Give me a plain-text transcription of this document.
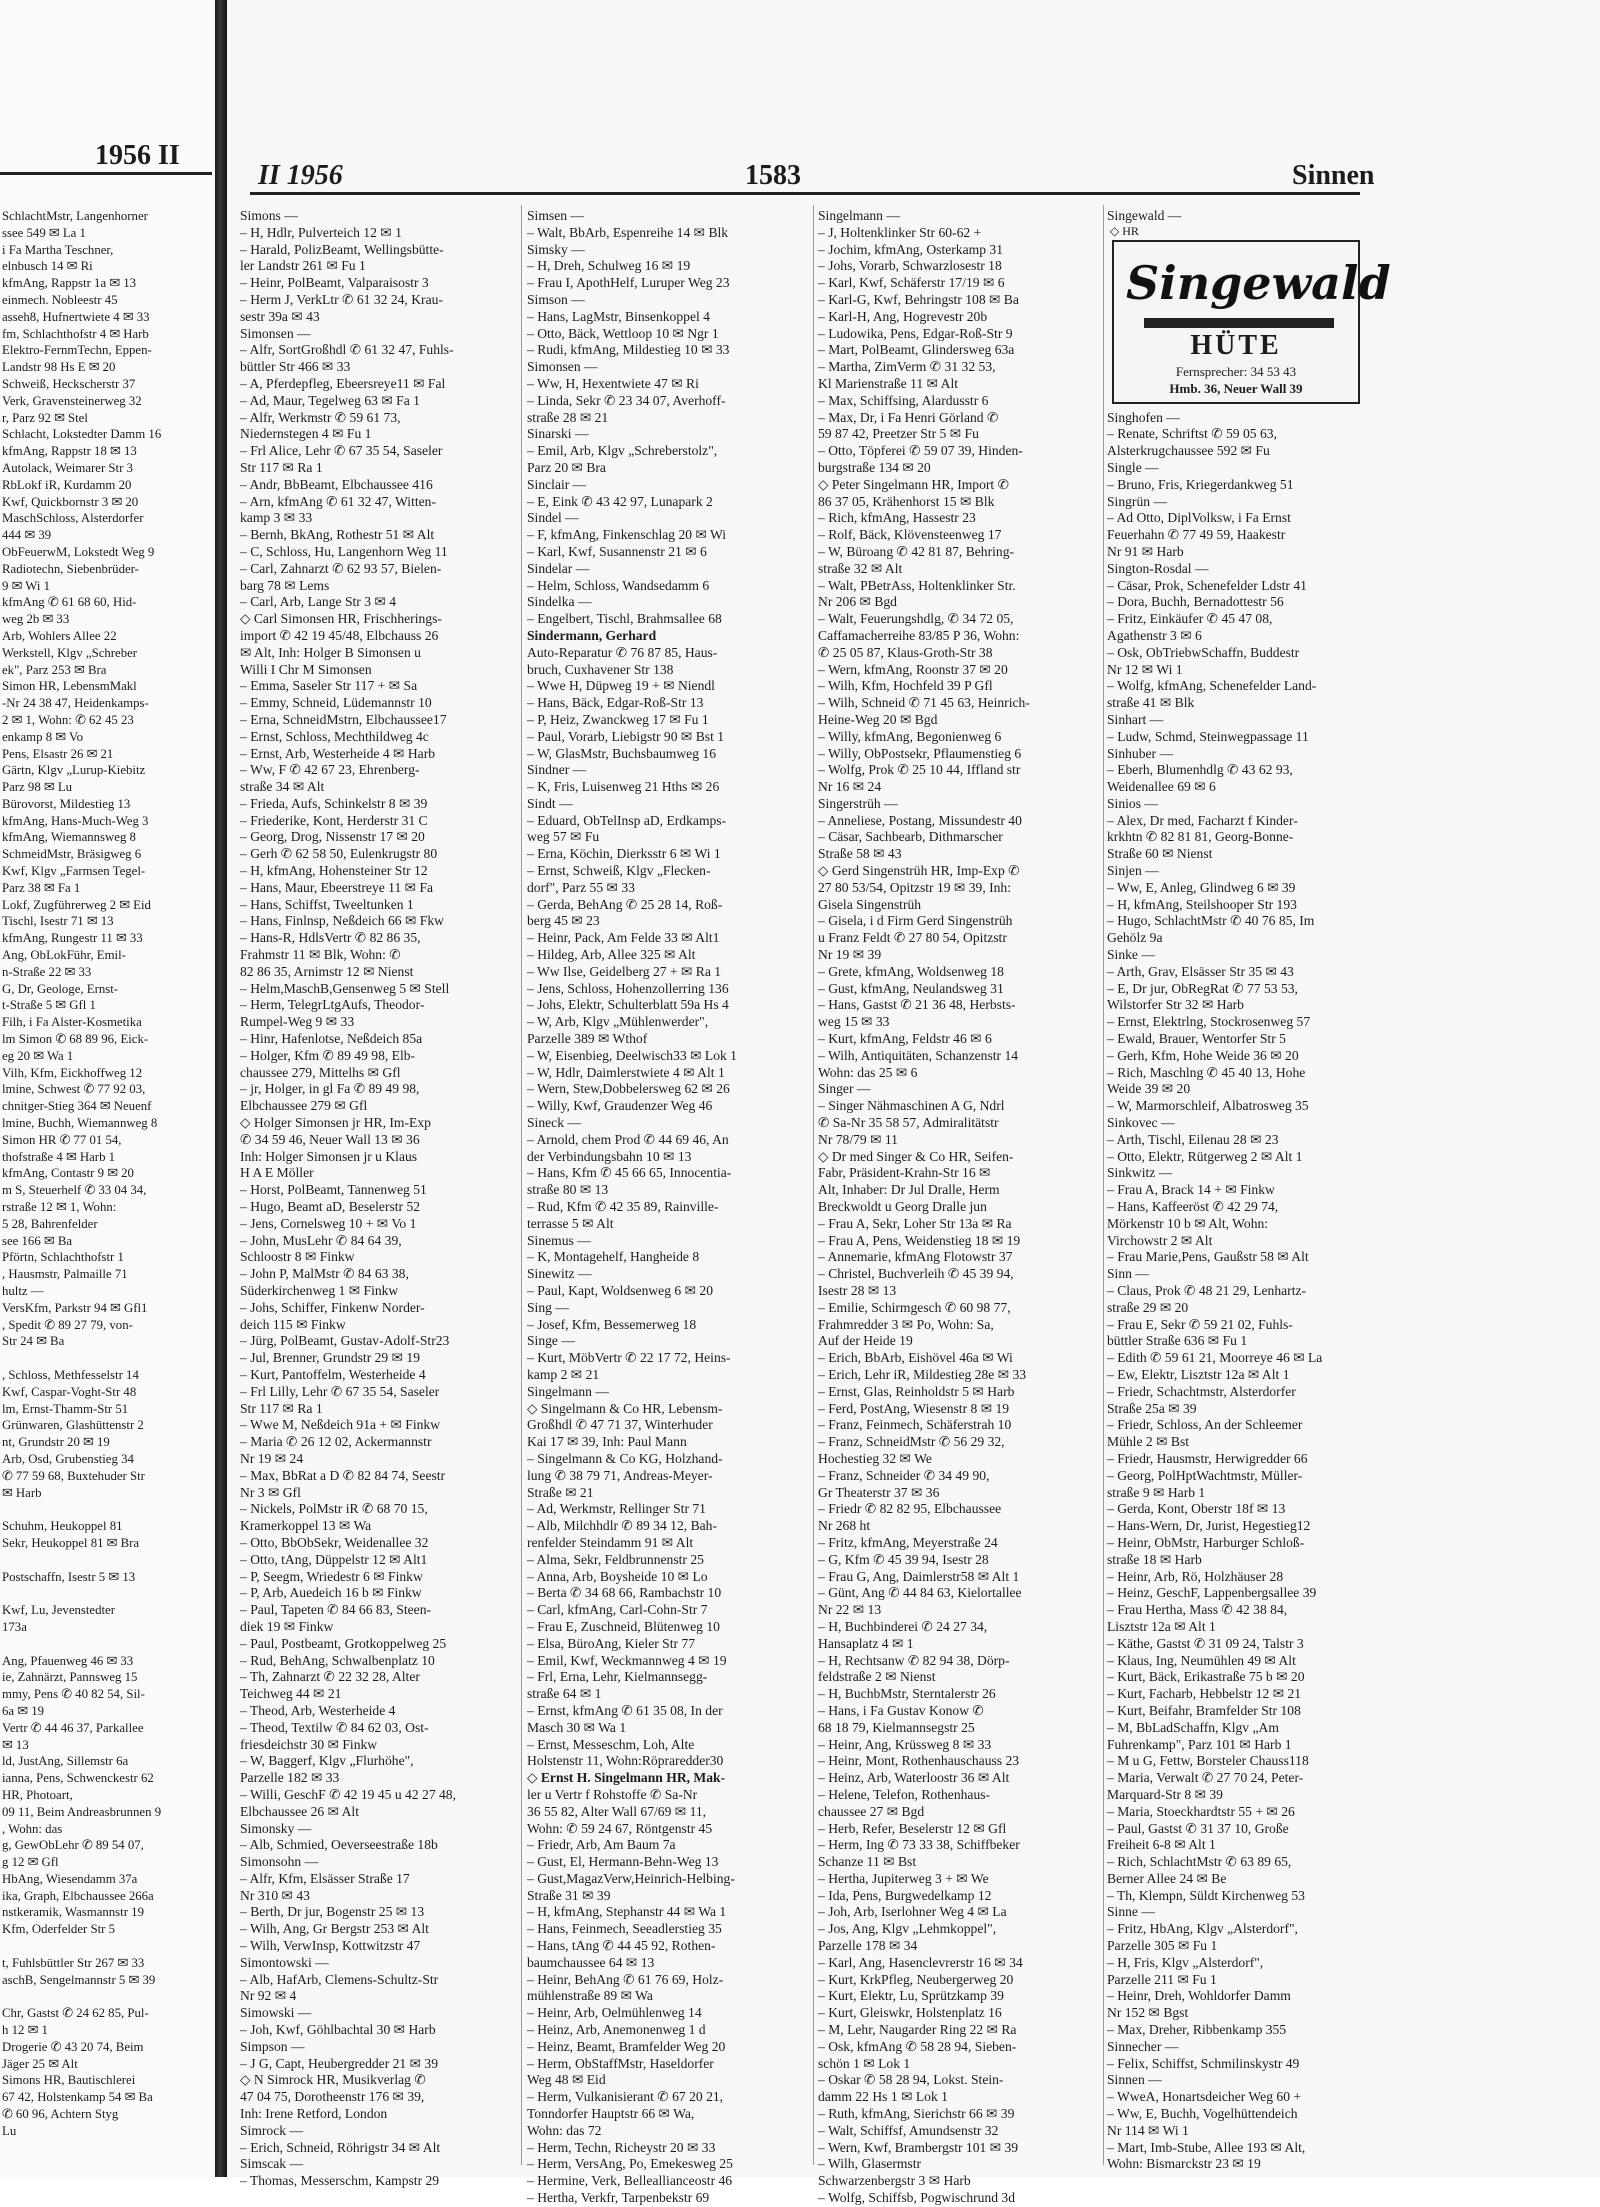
1956 II
SchlachtMstr, Langenhorner
ssee 549 ✉ La 1
i Fa Martha Teschner,
elnbusch 14 ✉ Ri
kfmAng, Rappstr 1a ✉ 13
einmech. Nobleestr 45
asseh8, Hufnertwiete 4 ✉ 33
fm, Schlachthofstr 4 ✉ Harb
Elektro-FernmTechn, Eppen-
Landstr 98 Hs E ✉ 20
Schweiß, Heckscherstr 37
Verk, Gravensteinerweg 32
r, Parz 92 ✉ Stel
Schlacht, Lokstedter Damm 16
kfmAng, Rappstr 18 ✉ 13
Autolack, Weimarer Str 3
RbLokf iR, Kurdamm 20
Kwf, Quickbornstr 3 ✉ 20
MaschSchloss, Alsterdorfer
444 ✉ 39
ObFeuerwM, Lokstedt Weg 9
Radiotechn, Siebenbrüder-
9 ✉ Wi 1
kfmAng ✆ 61 68 60, Hid-
weg 2b ✉ 33
Arb, Wohlers Allee 22
Werkstell, Klgv „Schreber
ek", Parz 253 ✉ Bra
Simon HR, LebensmMakl
-Nr 24 38 47, Heidenkamps-
2 ✉ 1, Wohn: ✆ 62 45 23
enkamp 8 ✉ Vo
Pens, Elsastr 26 ✉ 21
Gärtn, Klgv „Lurup-Kiebitz
Parz 98 ✉ Lu
Bürovorst, Mildestieg 13
kfmAng, Hans-Much-Weg 3
kfmAng, Wiemannsweg 8
SchmeidMstr, Bräsigweg 6
Kwf, Klgv „Farmsen Tegel-
Parz 38 ✉ Fa 1
Lokf, Zugführerweg 2 ✉ Eid
Tischl, Isestr 71 ✉ 13
kfmAng, Rungestr 11 ✉ 33
Ang, ObLokFühr, Emil-
n-Straße 22 ✉ 33
G, Dr, Geologe, Ernst-
t-Straße 5 ✉ Gfl 1
Filh, i Fa Alster-Kosmetika
lm Simon ✆ 68 89 96, Eick-
eg 20 ✉ Wa 1
Vilh, Kfm, Eickhoffweg 12
lmine, Schwest ✆ 77 92 03,
chnitger-Stieg 364 ✉ Neuenf
lmine, Buchh, Wiemannweg 8
Simon HR ✆ 77 01 54,
thofstraße 4 ✉ Harb 1
kfmAng, Contastr 9 ✉ 20
m S, Steuerhelf ✆ 33 04 34,
rstraße 12 ✉ 1, Wohn:
5 28, Bahrenfelder
see 166 ✉ Ba
Pförtn, Schlachthofstr 1
, Hausmstr, Palmaille 71
hultz —
VersKfm, Parkstr 94 ✉ Gfl1
, Spedit ✆ 89 27 79, von-
Str 24 ✉ Ba

, Schloss, Methfesselstr 14
Kwf, Caspar-Voght-Str 48
lm, Ernst-Thamm-Str 51
Grünwaren, Glashüttenstr 2
nt, Grundstr 20 ✉ 19
Arb, Osd, Grubenstieg 34
✆ 77 59 68, Buxtehuder Str
✉ Harb

Schuhm, Heukoppel 81
Sekr, Heukoppel 81 ✉ Bra

Postschaffn, Isestr 5 ✉ 13

Kwf, Lu, Jevenstedter
173a

Ang, Pfauenweg 46 ✉ 33
ie, Zahnärzt, Pannsweg 15
mmy, Pens ✆ 40 82 54, Sil-
6a ✉ 19
Vertr ✆ 44 46 37, Parkallee
✉ 13
ld, JustAng, Sillemstr 6a
ianna, Pens, Schwenckestr 62
HR, Photoart,
09 11, Beim Andreasbrunnen 9
, Wohn: das
g, GewObLehr ✆ 89 54 07,
g 12 ✉ Gfl
HbAng, Wiesendamm 37a
ika, Graph, Elbchaussee 266a
nstkeramik, Wasmannstr 19
Kfm, Oderfelder Str 5

t, Fuhlsbüttler Str 267 ✉ 33
aschB, Sengelmannstr 5 ✉ 39

Chr, Gastst ✆ 24 62 85, Pul-
h 12 ✉ 1
Drogerie ✆ 43 20 74, Beim
Jäger 25 ✉ Alt
Simons HR, Bautischlerei
67 42, Holstenkamp 54 ✉ Ba
✆ 60 96, Achtern Styg
Lu
II 1956	1583	Sinnen
Simons —
– H, Hdlr, Pulverteich 12 ✉ 1
– Harald, PolizBeamt, Wellingsbütte-
ler Landstr 261 ✉ Fu 1
– Heinr, PolBeamt, Valparaisostr 3
– Herm J, VerkLtr ✆ 61 32 24, Krau-
sestr 39a ✉ 43
Simonsen —
– Alfr, SortGroßhdl ✆ 61 32 47, Fuhls-
büttler Str 466 ✉ 33
– A, Pferdepfleg, Ebeersreye11 ✉ Fal
– Ad, Maur, Tegelweg 63 ✉ Fa 1
– Alfr, Werkmstr ✆ 59 61 73,
Niedernstegen 4 ✉ Fu 1
– Frl Alice, Lehr ✆ 67 35 54, Saseler
Str 117 ✉ Ra 1
– Andr, BbBeamt, Elbchaussee 416
– Arn, kfmAng ✆ 61 32 47, Witten-
kamp 3 ✉ 33
– Bernh, BkAng, Rothestr 51 ✉ Alt
– C, Schloss, Hu, Langenhorn Weg 11
– Carl, Zahnarzt ✆ 62 93 57, Bielen-
barg 78 ✉ Lems
– Carl, Arb, Lange Str 3 ✉ 4
◇ Carl Simonsen HR, Frischherings-
import ✆ 42 19 45/48, Elbchauss 26
✉ Alt, Inh: Holger B Simonsen u
Willi I Chr M Simonsen
– Emma, Saseler Str 117 + ✉ Sa
– Emmy, Schneid, Lüdemannstr 10
– Erna, SchneidMstrn, Elbchaussee17
– Ernst, Schloss, Mechthildweg 4c
– Ernst, Arb, Westerheide 4 ✉ Harb
– Ww, F ✆ 42 67 23, Ehrenberg-
straße 34 ✉ Alt
– Frieda, Aufs, Schinkelstr 8 ✉ 39
– Friederike, Kont, Herderstr 31 C
– Georg, Drog, Nissenstr 17 ✉ 20
– Gerh ✆ 62 58 50, Eulenkrugstr 80
– H, kfmAng, Hohensteiner Str 12
– Hans, Maur, Ebeerstreye 11 ✉ Fa
– Hans, Schiffst, Tweeltunken 1
– Hans, Finlnsp, Neßdeich 66 ✉ Fkw
– Hans-R, HdlsVertr ✆ 82 86 35,
Frahmstr 11 ✉ Blk, Wohn: ✆
82 86 35, Arnimstr 12 ✉ Nienst
– Helm,MaschB,Gensenweg 5 ✉ Stell
– Herm, TelegrLtgAufs, Theodor-
Rumpel-Weg 9 ✉ 33
– Hinr, Hafenlotse, Neßdeich 85a
– Holger, Kfm ✆ 89 49 98, Elb-
chaussee 279, Mittelhs ✉ Gfl
– jr, Holger, in gl Fa ✆ 89 49 98,
Elbchaussee 279 ✉ Gfl
◇ Holger Simonsen jr HR, Im-Exp
✆ 34 59 46, Neuer Wall 13 ✉ 36
Inh: Holger Simonsen jr u Klaus
H A E Möller
– Horst, PolBeamt, Tannenweg 51
– Hugo, Beamt aD, Beselerstr 52
– Jens, Cornelsweg 10 + ✉ Vo 1
– John, MusLehr ✆ 84 64 39,
Schloostr 8 ✉ Finkw
– John P, MalMstr ✆ 84 63 38,
Süderkirchenweg 1 ✉ Finkw
– Johs, Schiffer, Finkenw Norder-
deich 115 ✉ Finkw
– Jürg, PolBeamt, Gustav-Adolf-Str23
– Jul, Brenner, Grundstr 29 ✉ 19
– Kurt, Pantoffelm, Westerheide 4
– Frl Lilly, Lehr ✆ 67 35 54, Saseler
Str 117 ✉ Ra 1
– Wwe M, Neßdeich 91a + ✉ Finkw
– Maria ✆ 26 12 02, Ackermannstr
Nr 19 ✉ 24
– Max, BbRat a D ✆ 82 84 74, Seestr
Nr 3 ✉ Gfl
– Nickels, PolMstr iR ✆ 68 70 15,
Kramerkoppel 13 ✉ Wa
– Otto, BbObSekr, Weidenallee 32
– Otto, tAng, Düppelstr 12 ✉ Alt1
– P, Seegm, Wriedestr 6 ✉ Finkw
– P, Arb, Auedeich 16 b ✉ Finkw
– Paul, Tapeten ✆ 84 66 83, Steen-
diek 19 ✉ Finkw
– Paul, Postbeamt, Grotkoppelweg 25
– Rud, BehAng, Schwalbenplatz 10
– Th, Zahnarzt ✆ 22 32 28, Alter
Teichweg 44 ✉ 21
– Theod, Arb, Westerheide 4
– Theod, Textilw ✆ 84 62 03, Ost-
friesdeichstr 30 ✉ Finkw
– W, Baggerf, Klgv „Flurhöhe",
Parzelle 182 ✉ 33
– Willi, GeschF ✆ 42 19 45 u 42 27 48,
Elbchaussee 26 ✉ Alt
Simonsky —
– Alb, Schmied, Oeverseestraße 18b
Simonsohn —
– Alfr, Kfm, Elsässer Straße 17
Nr 310 ✉ 43
– Berth, Dr jur, Bogenstr 25 ✉ 13
– Wilh, Ang, Gr Bergstr 253 ✉ Alt
– Wilh, VerwInsp, Kottwitzstr 47
Simontowski —
– Alb, HafArb, Clemens-Schultz-Str
Nr 92 ✉ 4
Simowski —
– Joh, Kwf, Göhlbachtal 30 ✉ Harb
Simpson —
– J G, Capt, Heubergredder 21 ✉ 39
◇ N Simrock HR, Musikverlag ✆
47 04 75, Dorotheenstr 176 ✉ 39,
Inh: Irene Retford, London
Simrock —
– Erich, Schneid, Röhrigstr 34 ✉ Alt
Simscak —
– Thomas, Messerschm, Kampstr 29
Simsen —
– Walt, BbArb, Espenreihe 14 ✉ Blk
Simsky —
– H, Dreh, Schulweg 16 ✉ 19
– Frau I, ApothHelf, Luruper Weg 23
Simson —
– Hans, LagMstr, Binsenkoppel 4
– Otto, Bäck, Wettloop 10 ✉ Ngr 1
– Rudi, kfmAng, Mildestieg 10 ✉ 33
Simonsen —
– Ww, H, Hexentwiete 47 ✉ Ri
– Linda, Sekr ✆ 23 34 07, Averhoff-
straße 28 ✉ 21
Sinarski —
– Emil, Arb, Klgv „Schreberstolz",
Parz 20 ✉ Bra
Sinclair —
– E, Eink ✆ 43 42 97, Lunapark 2
Sindel —
– F, kfmAng, Finkenschlag 20 ✉ Wi
– Karl, Kwf, Susannenstr 21 ✉ 6
Sindelar —
– Helm, Schloss, Wandsedamm 6
Sindelka —
– Engelbert, Tischl, Brahmsallee 68
Sindermann, Gerhard
Auto-Reparatur ✆ 76 87 85, Haus-
bruch, Cuxhavener Str 138
– Wwe H, Düpweg 19 + ✉ Niendl
– Hans, Bäck, Edgar-Roß-Str 13
– P, Heiz, Zwanckweg 17 ✉ Fu 1
– Paul, Vorarb, Liebigstr 90 ✉ Bst 1
– W, GlasMstr, Buchsbaumweg 16
Sindner —
– K, Fris, Luisenweg 21 Hths ✉ 26
Sindt —
– Eduard, ObTelInsp aD, Erdkamps-
weg 57 ✉ Fu
– Erna, Köchin, Dierksstr 6 ✉ Wi 1
– Ernst, Schweiß, Klgv „Flecken-
dorf", Parz 55 ✉ 33
– Gerda, BehAng ✆ 25 28 14, Roß-
berg 45 ✉ 23
– Heinr, Pack, Am Felde 33 ✉ Alt1
– Hildeg, Arb, Allee 325 ✉ Alt
– Ww Ilse, Geidelberg 27 + ✉ Ra 1
– Jens, Schloss, Hohenzollerring 136
– Johs, Elektr, Schulterblatt 59a Hs 4
– W, Arb, Klgv „Mühlenwerder",
Parzelle 389 ✉ Wthof
– W, Eisenbieg, Deelwisch33 ✉ Lok 1
– W, Hdlr, Daimlerstwiete 4 ✉ Alt 1
– Wern, Stew,Dobbelersweg 62 ✉ 26
– Willy, Kwf, Graudenzer Weg 46
Sineck —
– Arnold, chem Prod ✆ 44 69 46, An
der Verbindungsbahn 10 ✉ 13
– Hans, Kfm ✆ 45 66 65, Innocentia-
straße 80 ✉ 13
– Rud, Kfm ✆ 42 35 89, Rainville-
terrasse 5 ✉ Alt
Sinemus —
– K, Montagehelf, Hangheide 8
Sinewitz —
– Paul, Kapt, Woldsenweg 6 ✉ 20
Sing —
– Josef, Kfm, Bessemerweg 18
Singe —
– Kurt, MöbVertr ✆ 22 17 72, Heins-
kamp 2 ✉ 21
Singelmann —
◇ Singelmann & Co HR, Lebensm-
Großhdl ✆ 47 71 37, Winterhuder
Kai 17 ✉ 39, Inh: Paul Mann
– Singelmann & Co KG, Holzhand-
lung ✆ 38 79 71, Andreas-Meyer-
Straße ✉ 21
– Ad, Werkmstr, Rellinger Str 71
– Alb, Milchhdlr ✆ 89 34 12, Bah-
renfelder Steindamm 91 ✉ Alt
– Alma, Sekr, Feldbrunnenstr 25
– Anna, Arb, Boysheide 10 ✉ Lo
– Berta ✆ 34 68 66, Rambachstr 10
– Carl, kfmAng, Carl-Cohn-Str 7
– Frau E, Zuschneid, Blütenweg 10
– Elsa, BüroAng, Kieler Str 77
– Emil, Kwf, Weckmannweg 4 ✉ 19
– Frl, Erna, Lehr, Kielmannsegg-
straße 64 ✉ 1
– Ernst, kfmAng ✆ 61 35 08, In der
Masch 30 ✉ Wa 1
– Ernst, Messeschm, Loh, Alte
Holstenstr 11, Wohn:Röpraredder30
◇ Ernst H. Singelmann HR, Mak-
ler u Vertr f Rohstoffe ✆ Sa-Nr
36 55 82, Alter Wall 67/69 ✉ 11,
Wohn: ✆ 59 24 67, Röntgenstr 45
– Friedr, Arb, Am Baum 7a
– Gust, El, Hermann-Behn-Weg 13
– Gust,MagazVerw,Heinrich-Helbing-
Straße 31 ✉ 39
– H, kfmAng, Stephanstr 44 ✉ Wa 1
– Hans, Feinmech, Seeadlerstieg 35
– Hans, tAng ✆ 44 45 92, Rothen-
baumchaussee 64 ✉ 13
– Heinr, BehAng ✆ 61 76 69, Holz-
mühlenstraße 89 ✉ Wa
– Heinr, Arb, Oelmühlenweg 14
– Heinz, Arb, Anemonenweg 1 d
– Heinz, Beamt, Bramfelder Weg 20
– Herm, ObStaffMstr, Haseldorfer
Weg 48 ✉ Eid
– Herm, Vulkanisierant ✆ 67 20 21,
Tonndorfer Hauptstr 66 ✉ Wa,
Wohn: das 72
– Herm, Techn, Richeystr 20 ✉ 33
– Herm, VersAng, Po, Emekesweg 25
– Hermine, Verk, Belleallianceostr 46
– Hertha, Verkfr, Tarpenbekstr 69
Singelmann —
– J, Holtenklinker Str 60-62 +
– Jochim, kfmAng, Osterkamp 31
– Johs, Vorarb, Schwarzlosestr 18
– Karl, Kwf, Schäferstr 17/19 ✉ 6
– Karl-G, Kwf, Behringstr 108 ✉ Ba
– Karl-H, Ang, Hogrevestr 20b
– Ludowika, Pens, Edgar-Roß-Str 9
– Mart, PolBeamt, Glindersweg 63a
– Martha, ZimVerm ✆ 31 32 53,
Kl Marienstraße 11 ✉ Alt
– Max, Schiffsing, Alardusstr 6
– Max, Dr, i Fa Henri Görland ✆
59 87 42, Preetzer Str 5 ✉ Fu
– Otto, Töpferei ✆ 59 07 39, Hinden-
burgstraße 134 ✉ 20
◇ Peter Singelmann HR, Import ✆
86 37 05, Krähenhorst 15 ✉ Blk
– Rich, kfmAng, Hassestr 23
– Rolf, Bäck, Klövensteenweg 17
– W, Büroang ✆ 42 81 87, Behring-
straße 32 ✉ Alt
– Walt, PBetrAss, Holtenklinker Str.
Nr 206 ✉ Bgd
– Walt, Feuerungshdlg, ✆ 34 72 05,
Caffamacherreihe 83/85 P 36, Wohn:
✆ 25 05 87, Klaus-Groth-Str 38
– Wern, kfmAng, Roonstr 37 ✉ 20
– Wilh, Kfm, Hochfeld 39 P Gfl
– Wilh, Schneid ✆ 71 45 63, Heinrich-
Heine-Weg 20 ✉ Bgd
– Willy, kfmAng, Begonienweg 6
– Willy, ObPostsekr, Pflaumenstieg 6
– Wolfg, Prok ✆ 25 10 44, Iffland str
Nr 16 ✉ 24
Singerstrüh —
– Anneliese, Postang, Missundestr 40
– Cäsar, Sachbearb, Dithmarscher
Straße 58 ✉ 43
◇ Gerd Singenstrüh HR, Imp-Exp ✆
27 80 53/54, Opitzstr 19 ✉ 39, Inh:
Gisela Singenstrüh
– Gisela, i d Firm Gerd Singenstrüh
u Franz Feldt ✆ 27 80 54, Opitzstr
Nr 19 ✉ 39
– Grete, kfmAng, Woldsenweg 18
– Gust, kfmAng, Neulandsweg 31
– Hans, Gastst ✆ 21 36 48, Herbsts-
weg 15 ✉ 33
– Kurt, kfmAng, Feldstr 46 ✉ 6
– Wilh, Antiquitäten, Schanzenstr 14
Wohn: das 25 ✉ 6
Singer —
– Singer Nähmaschinen A G, Ndrl
✆ Sa-Nr 35 58 57, Admiralitätstr
Nr 78/79 ✉ 11
◇ Dr med Singer & Co HR, Seifen-
Fabr, Präsident-Krahn-Str 16 ✉
Alt, Inhaber: Dr Jul Dralle, Herm
Breckwoldt u Georg Dralle jun
– Frau A, Sekr, Loher Str 13a ✉ Ra
– Frau A, Pens, Weidenstieg 18 ✉ 19
– Annemarie, kfmAng Flotowstr 37
– Christel, Buchverleih ✆ 45 39 94,
Isestr 28 ✉ 13
– Emilie, Schirmgesch ✆ 60 98 77,
Frahmredder 3 ✉ Po, Wohn: Sa,
Auf der Heide 19
– Erich, BbArb, Eishövel 46a ✉ Wi
– Erich, Lehr iR, Mildestieg 28e ✉ 33
– Ernst, Glas, Reinholdstr 5 ✉ Harb
– Ferd, PostAng, Wiesenstr 8 ✉ 19
– Franz, Feinmech, Schäferstrah 10
– Franz, SchneidMstr ✆ 56 29 32,
Hochestieg 32 ✉ We
– Franz, Schneider ✆ 34 49 90,
Gr Theaterstr 37 ✉ 36
– Friedr ✆ 82 82 95, Elbchaussee
Nr 268 ht
– Fritz, kfmAng, Meyerstraße 24
– G, Kfm ✆ 45 39 94, Isestr 28
– Frau G, Ang, Daimlerstr58 ✉ Alt 1
– Günt, Ang ✆ 44 84 63, Kielortallee
Nr 22 ✉ 13
– H, Buchbinderei ✆ 24 27 34,
Hansaplatz 4 ✉ 1
– H, Rechtsanw ✆ 82 94 38, Dörp-
feldstraße 2 ✉ Nienst
– H, BuchbMstr, Sterntalerstr 26
– Hans, i Fa Gustav Konow ✆
68 18 79, Kielmannsegstr 25
– Heinr, Ang, Krüssweg 8 ✉ 33
– Heinr, Mont, Rothenhauschauss 23
– Heinz, Arb, Waterloostr 36 ✉ Alt
– Helene, Telefon, Rothenhaus-
chaussee 27 ✉ Bgd
– Herb, Refer, Beselerstr 12 ✉ Gfl
– Herm, Ing ✆ 73 33 38, Schiffbeker
Schanze 11 ✉ Bst
– Hertha, Jupiterweg 3 + ✉ We
– Ida, Pens, Burgwedelkamp 12
– Joh, Arb, Iserlohner Weg 4 ✉ La
– Jos, Ang, Klgv „Lehmkoppel",
Parzelle 178 ✉ 34
– Karl, Ang, Hasenclevrerstr 16 ✉ 34
– Kurt, KrkPfleg, Neubergerweg 20
– Kurt, Elektr, Lu, Sprützkamp 39
– Kurt, Gleiswkr, Holstenplatz 16
– M, Lehr, Naugarder Ring 22 ✉ Ra
– Osk, kfmAng ✆ 58 28 94, Sieben-
schön 1 ✉ Lok 1
– Oskar ✆ 58 28 94, Lokst. Stein-
damm 22 Hs 1 ✉ Lok 1
– Ruth, kfmAng, Sierichstr 66 ✉ 39
– Walt, Schiffsf, Amundsenstr 32
– Wern, Kwf, Brambergstr 101 ✉ 39
– Wilh, Glasermstr
Schwarzenbergstr 3 ✉ Harb
– Wolfg, Schiffsb, Pogwischrund 3d
Singewald —

Singhofen —
– Renate, Schriftst ✆ 59 05 63,
Alsterkrugchaussee 592 ✉ Fu
Single —
– Bruno, Fris, Kriegerdankweg 51
Singrün —
– Ad Otto, DiplVolksw, i Fa Ernst
Feuerhahn ✆ 77 49 59, Haakestr
Nr 91 ✉ Harb
Sington-Rosdal —
– Cäsar, Prok, Schenefelder Ldstr 41
– Dora, Buchh, Bernadottestr 56
– Fritz, Einkäufer ✆ 45 47 08,
Agathenstr 3 ✉ 6
– Osk, ObTriebwSchaffn, Buddestr
Nr 12 ✉ Wi 1
– Wolfg, kfmAng, Schenefelder Land-
straße 41 ✉ Blk
Sinhart —
– Ludw, Schmd, Steinwegpassage 11
Sinhuber —
– Eberh, Blumenhdlg ✆ 43 62 93,
Weidenallee 69 ✉ 6
Sinios —
– Alex, Dr med, Facharzt f Kinder-
krkhtn ✆ 82 81 81, Georg-Bonne-
Straße 60 ✉ Nienst
Sinjen —
– Ww, E, Anleg, Glindweg 6 ✉ 39
– H, kfmAng, Steilshooper Str 193
– Hugo, SchlachtMstr ✆ 40 76 85, Im
Gehölz 9a
Sinke —
– Arth, Grav, Elsässer Str 35 ✉ 43
– E, Dr jur, ObRegRat ✆ 77 53 53,
Wilstorfer Str 32 ✉ Harb
– Ernst, Elektrlng, Stockrosenweg 57
– Ewald, Brauer, Wentorfer Str 5
– Gerh, Kfm, Hohe Weide 36 ✉ 20
– Rich, Maschlng ✆ 45 40 13, Hohe
Weide 39 ✉ 20
– W, Marmorschleif, Albatrosweg 35
Sinkovec —
– Arth, Tischl, Eilenau 28 ✉ 23
– Otto, Elektr, Rütgerweg 2 ✉ Alt 1
Sinkwitz —
– Frau A, Brack 14 + ✉ Finkw
– Hans, Kaffeeröst ✆ 42 29 74,
Mörkenstr 10 b ✉ Alt, Wohn:
Virchowstr 2 ✉ Alt
– Frau Marie,Pens, Gaußstr 58 ✉ Alt
Sinn —
– Claus, Prok ✆ 48 21 29, Lenhartz-
straße 29 ✉ 20
– Frau E, Sekr ✆ 59 21 02, Fuhls-
büttler Straße 636 ✉ Fu 1
– Edith ✆ 59 61 21, Moorreye 46 ✉ La
– Ew, Elektr, Lisztstr 12a ✉ Alt 1
– Friedr, Schachtmstr, Alsterdorfer
Straße 25a ✉ 39
– Friedr, Schloss, An der Schleemer
Mühle 2 ✉ Bst
– Friedr, Hausmstr, Herwigredder 66
– Georg, PolHptWachtmstr, Müller-
straße 9 ✉ Harb 1
– Gerda, Kont, Oberstr 18f ✉ 13
– Hans-Wern, Dr, Jurist, Hegestieg12
– Heinr, ObMstr, Harburger Schloß-
straße 18 ✉ Harb
– Heinr, Arb, Rö, Holzhäuser 28
– Heinz, GeschF, Lappenbergsallee 39
– Frau Hertha, Mass ✆ 42 38 84,
Lisztstr 12a ✉ Alt 1
– Käthe, Gastst ✆ 31 09 24, Talstr 3
– Klaus, Ing, Neumühlen 49 ✉ Alt
– Kurt, Bäck, Erikastraße 75 b ✉ 20
– Kurt, Facharb, Hebbelstr 12 ✉ 21
– Kurt, Beifahr, Bramfelder Str 108
– M, BbLadSchaffn, Klgv „Am
Fuhrenkamp", Parz 101 ✉ Harb 1
– M u G, Fettw, Borsteler Chauss118
– Maria, Verwalt ✆ 27 70 24, Peter-
Marquard-Str 8 ✉ 39
– Maria, Stoeckhardtstr 55 + ✉ 26
– Paul, Gastst ✆ 31 37 10, Große
Freiheit 6-8 ✉ Alt 1
– Rich, SchlachtMstr ✆ 63 89 65,
Berner Allee 24 ✉ Be
– Th, Klempn, Süldt Kirchenweg 53
Sinne —
– Fritz, HbAng, Klgv „Alsterdorf",
Parzelle 305 ✉ Fu 1
– H, Fris, Klgv „Alsterdorf",
Parzelle 211 ✉ Fu 1
– Heinr, Dreh, Wohldorfer Damm
Nr 152 ✉ Bgst
– Max, Dreher, Ribbenkamp 355
Sinnecher —
– Felix, Schiffst, Schmilinskystr 49
Sinnen —
– WweA, Honartsdeicher Weg 60 +
– Ww, E, Buchh, Vogelhüttendeich
Nr 114 ✉ Wi 1
– Mart, Imb-Stube, Allee 193 ✉ Alt,
Wohn: Bismarckstr 23 ✉ 19
◇ HR
Singewald
HÜTE
Fernsprecher: 34 53 43
Hmb. 36, Neuer Wall 39
